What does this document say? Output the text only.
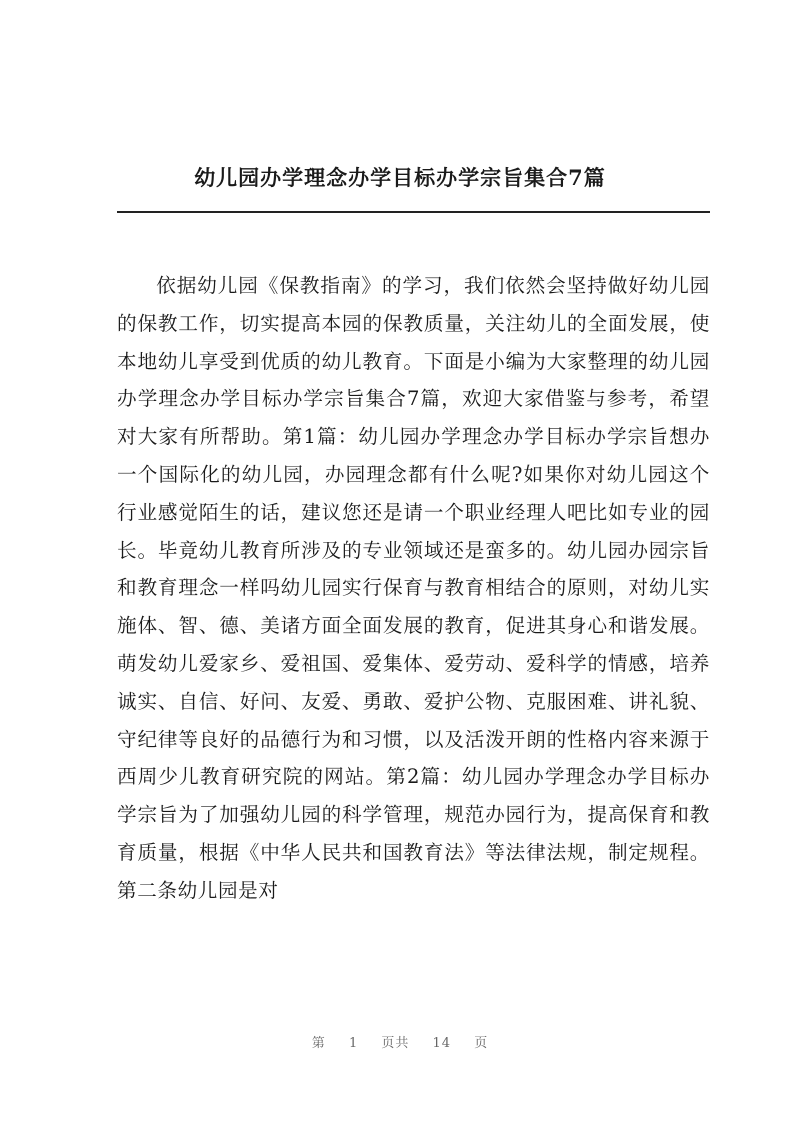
幼儿园办学理念办学目标办学宗旨集合7篇

依据幼儿园《保教指南》的学习，我们依然会坚持做好幼儿园的保教工作，切实提高本园的保教质量，关注幼儿的全面发展，使本地幼儿享受到优质的幼儿教育。下面是小编为大家整理的幼儿园办学理念办学目标办学宗旨集合7篇，欢迎大家借鉴与参考，希望对大家有所帮助。第1篇：幼儿园办学理念办学目标办学宗旨想办一个国际化的幼儿园，办园理念都有什么呢?如果你对幼儿园这个行业感觉陌生的话，建议您还是请一个职业经理人吧比如专业的园长。毕竟幼儿教育所涉及的专业领域还是蛮多的。幼儿园办园宗旨和教育理念一样吗幼儿园实行保育与教育相结合的原则，对幼儿实施体、智、德、美诸方面全面发展的教育，促进其身心和谐发展。萌发幼儿爱家乡、爱祖国、爱集体、爱劳动、爱科学的情感，培养诚实、自信、好问、友爱、勇敢、爱护公物、克服困难、讲礼貌、守纪律等良好的品德行为和习惯，以及活泼开朗的性格内容来源于西周少儿教育研究院的网站。第2篇：幼儿园办学理念办学目标办学宗旨为了加强幼儿园的科学管理，规范办园行为，提高保育和教育质量，根据《中华人民共和国教育法》等法律法规，制定规程。第二条幼儿园是对

第 1 页共 14 页
